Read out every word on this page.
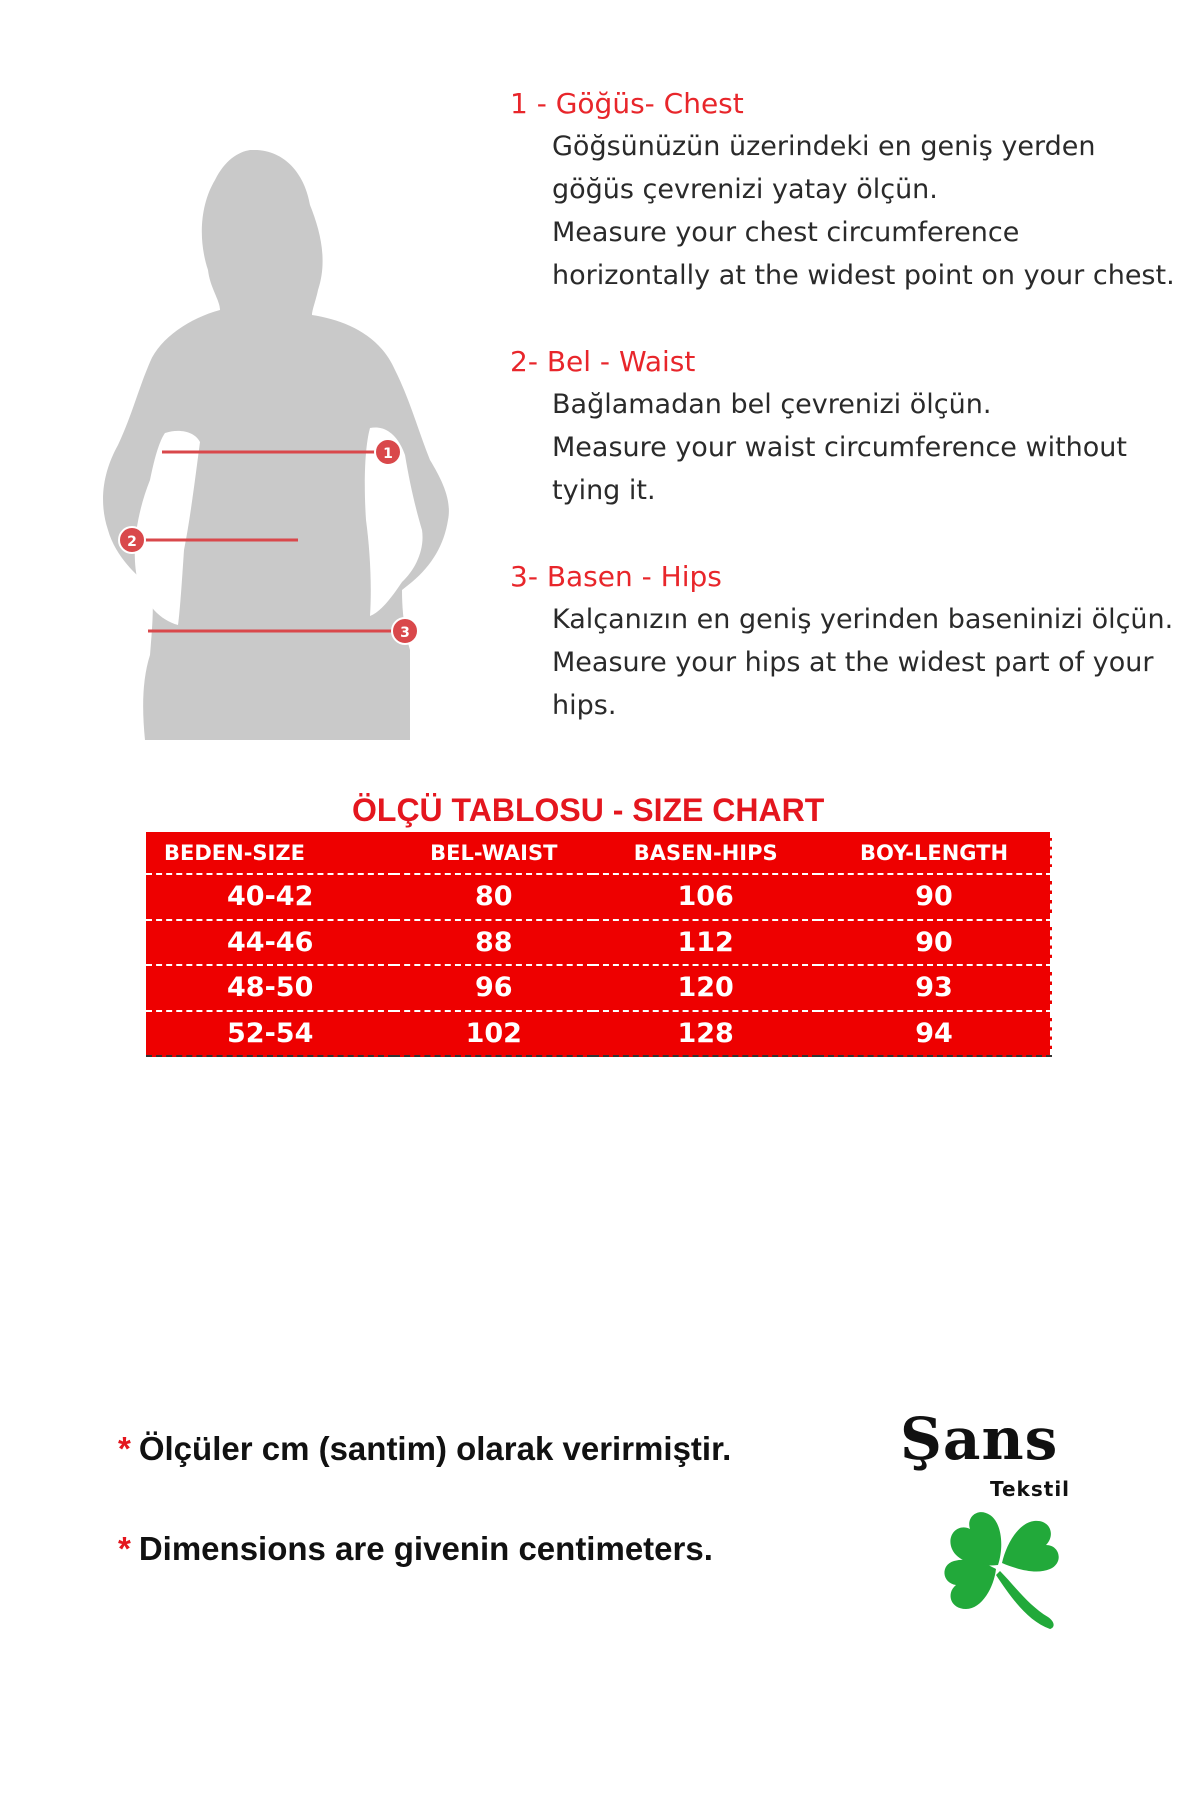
1
2
3
1 - Göğüs- Chest
Göğsünüzün üzerindeki en geniş yerden göğüs çevrenizi yatay ölçün.
Measure your chest circumference horizontally at the widest point on your chest.
2- Bel - Waist
Bağlamadan bel çevrenizi ölçün.
Measure your waist circumference without tying it.
3- Basen - Hips
Kalçanızın en geniş yerinden baseninizi ölçün.
Measure your hips at the widest part of your hips.
ÖLÇÜ TABLOSU - SIZE CHART
BEDEN-SIZE	BEL-WAIST	BASEN-HIPS	BOY-LENGTH
40-42	80	106	90
44-46	88	112	90
48-50	96	120	93
52-54	102	128	94
* Ölçüler cm (santim) olarak verirmiştir.
* Dimensions are givenin centimeters.
Şans
Tekstil
